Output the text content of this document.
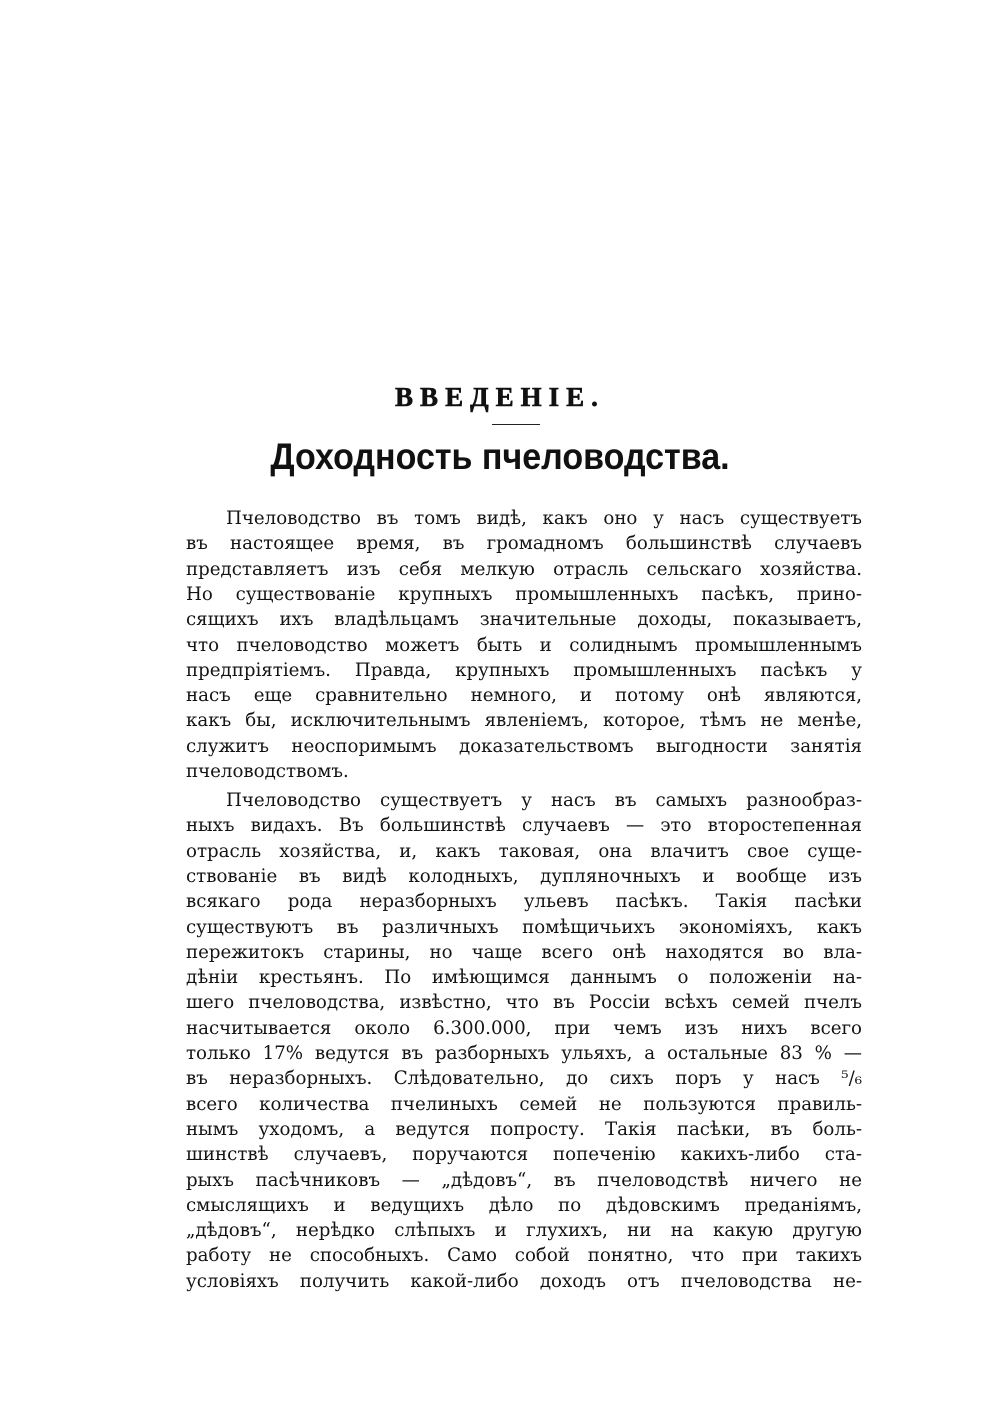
ВВЕДЕНІЕ.
Доходность пчеловодства.
Пчеловодство въ томъ видѣ, какъ оно у насъ существуетъ
въ настоящее время, въ громадномъ большинствѣ случаевъ
представляетъ изъ себя мелкую отрасль сельскаго хозяйства.
Но существованіе крупныхъ промышленныхъ пасѣкъ, прино-
сящихъ ихъ владѣльцамъ значительные доходы, показываетъ,
что пчеловодство можетъ быть и солиднымъ промышленнымъ
предпріятіемъ. Правда, крупныхъ промышленныхъ пасѣкъ у
насъ еще сравнительно немного, и потому онѣ являются,
какъ бы, исключительнымъ явленіемъ, которое, тѣмъ не менѣе,
служитъ неоспоримымъ доказательствомъ выгодности занятія
пчеловодствомъ.
Пчеловодство существуетъ у насъ въ самыхъ разнообраз-
ныхъ видахъ. Въ большинствѣ случаевъ — это второстепенная
отрасль хозяйства, и, какъ таковая, она влачитъ свое суще-
ствованіе въ видѣ колодныхъ, дупляночныхъ и вообще изъ
всякаго рода неразборныхъ ульевъ пасѣкъ. Такія пасѣки
существуютъ въ различныхъ помѣщичьихъ экономіяхъ, какъ
пережитокъ старины, но чаще всего онѣ находятся во вла-
дѣніи крестьянъ. По имѣющимся даннымъ о положеніи на-
шего пчеловодства, извѣстно, что въ Россіи всѣхъ семей пчелъ
насчитывается около 6.300.000, при чемъ изъ нихъ всего
только 17% ведутся въ разборныхъ ульяхъ, а остальные 83 % —
въ неразборныхъ. Слѣдовательно, до сихъ поръ у насъ ⁵/₆
всего количества пчелиныхъ семей не пользуются правиль-
нымъ уходомъ, а ведутся попросту. Такія пасѣки, въ боль-
шинствѣ случаевъ, поручаются попеченію какихъ-либо ста-
рыхъ пасѣчниковъ — „дѣдовъ“, въ пчеловодствѣ ничего не
смыслящихъ и ведущихъ дѣло по дѣдовскимъ преданіямъ,
„дѣдовъ“, нерѣдко слѣпыхъ и глухихъ, ни на какую другую
работу не способныхъ. Само собой понятно, что при такихъ
условіяхъ получить какой-либо доходъ отъ пчеловодства не-
